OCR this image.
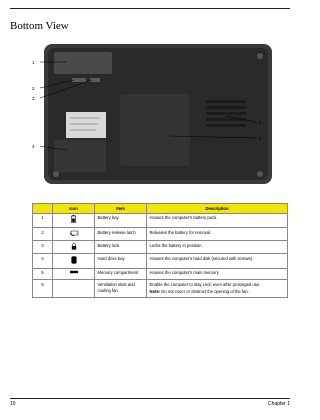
Bottom View
1
2
3
4
5
6
	Icon	Item	Description
1		Battery bay	Houses the computer's battery pack.
2		Battery release latch	Releases the battery for removal.
3		Battery lock	Locks the battery in position.
4		Hard drive bay	Houses the computer's hard disk (secured with screws).
5		Memory compartment	Houses the computer's main memory
6		Ventilation slots and cooling fan	Enable the computer to stay cool, even after prolonged use.
Note: Do not cover or obstruct the opening of the fan.
10	Chapter 1
